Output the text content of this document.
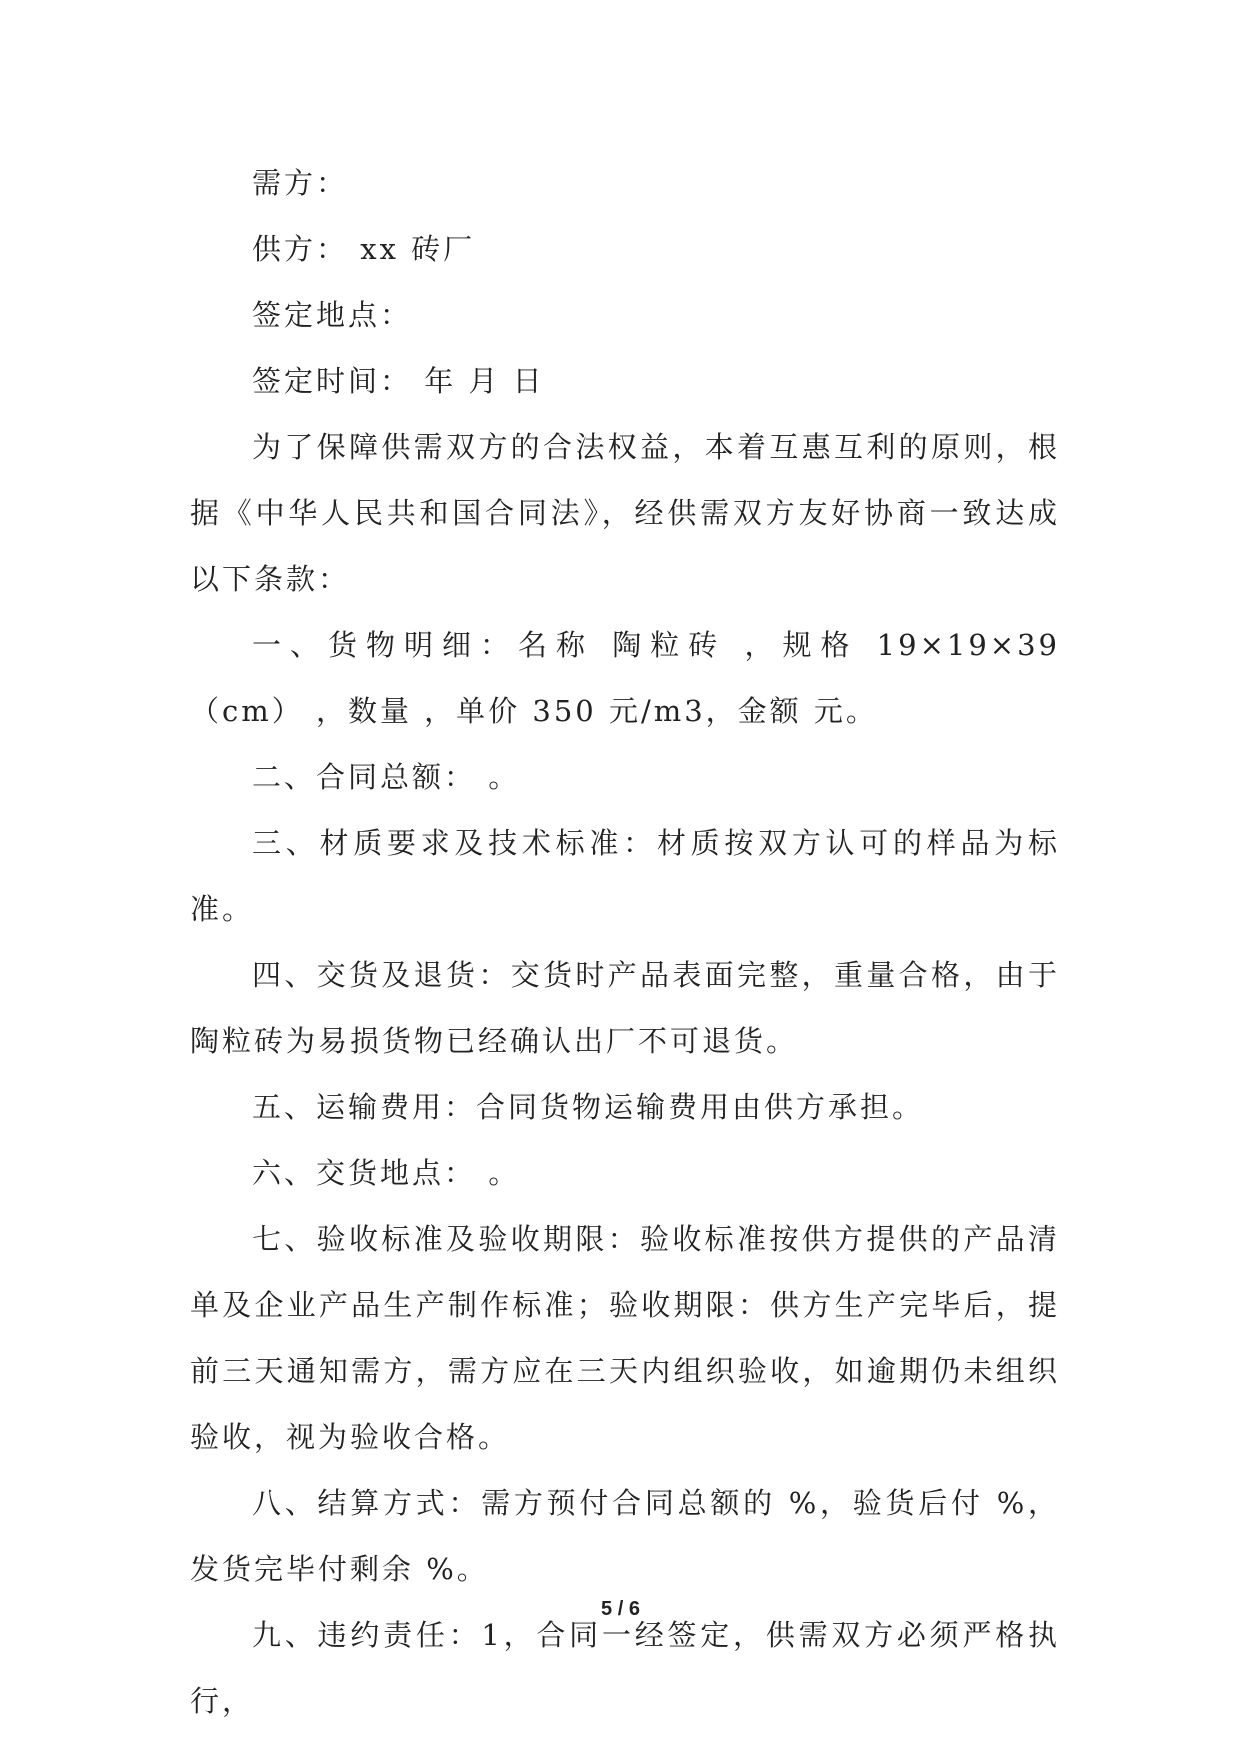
需方：

供方： xx 砖厂

签定地点：

签定时间： 年 月 日

为了保障供需双方的合法权益，本着互惠互利的原则，根据《中华人民共和国合同法》，经供需双方友好协商一致达成以下条款：

一、货物明细：名称 陶粒砖 ，规格 19×19×39 （cm） ，数量 ，单价 350 元/m3，金额 元。

二、合同总额： 。

三、材质要求及技术标准：材质按双方认可的样品为标准。

四、交货及退货：交货时产品表面完整，重量合格，由于陶粒砖为易损货物已经确认出厂不可退货。

五、运输费用：合同货物运输费用由供方承担。

六、交货地点： 。

七、验收标准及验收期限：验收标准按供方提供的产品清单及企业产品生产制作标准；验收期限：供方生产完毕后，提前三天通知需方，需方应在三天内组织验收，如逾期仍未组织验收，视为验收合格。

八、结算方式：需方预付合同总额的 %，验货后付 %，发货完毕付剩余 %。

九、违约责任：1，合同一经签定，供需双方必须严格执行，

5 / 6
